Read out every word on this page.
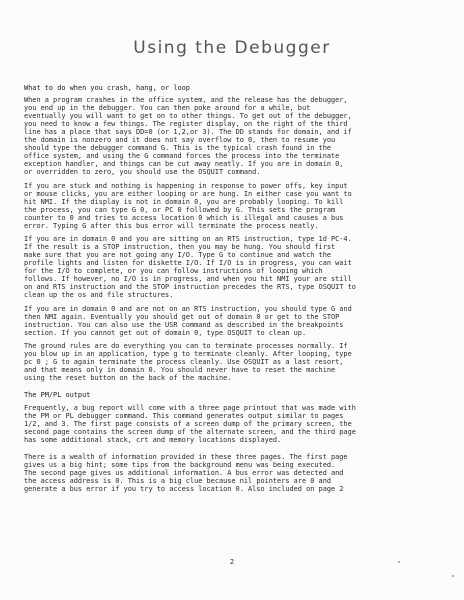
Using the Debugger
What to do when you crash, hang, or loop
When a program crashes in the office system, and the release has the debugger,
you end up in the debugger. You can then poke around for a while, but
eventually you will want to get on to other things. To get out of the debugger,
you need to know a few things. The register display, on the right of the third
line has a place that says DD=0 (or 1,2,or 3). The DD stands for domain, and if
the domain is nonzero and it does not say overflow to 0, then to resume you
should type the debugger command G. This is the typical crash found in the
office system, and using the G command forces the process into the terminate
exception handler, and things can be cut away neatly. If you are in domain 0,
or overridden to zero, you should use the OSQUIT command.
If you are stuck and nothing is happening in response to power offs, key input
or mouse clicks, you are either looping or are hung. In either case you want to
hit NMI. If the display is not in domain 0, you are probably looping. To kill
the process, you can type G 0, or PC 0 followed by G. This sets the program
counter to 0 and tries to access location 0 which is illegal and causes a bus
error. Typing G after this bus error will terminate the process neatly.
If you are in domain 0 and you are sitting on an RTS instruction, type 1d PC-4.
If the result is a STOP instruction, then you may be hung. You should first
make sure that you are not going any I/O. Type G to continue and watch the
profile lights and listen for diskette I/O. If I/O is in progress, you can wait
for the I/O to complete, or you can follow instructions of looping which
follows. If however, no I/O is in progress, and when you hit NMI your are still
on and RTS instruction and the STOP instruction precedes the RTS, type OSQUIT to
clean up the os and file structures.
If you are in domain 0 and are not on an RTS instruction, you should type G and
then NMI again. Eventually you should get out of domain 0 or get to the STOP
instruction. You can also use the USR command as described in the breakpoints
section. If you cannot get out of domain 0, type OSQUIT to clean up.
The ground rules are do everything you can to terminate processes normally. If
you blow up in an application, type g to terminate cleanly. After looping, type
pc 0 ; G to again terminate the process cleanly. Use OSQUIT as a last resort,
and that means only in domain 0. You should never have to reset the machine
using the reset button on the back of the machine.
The PM/PL output
Frequently, a bug report will come with a three page printout that was made with
the PM or PL debugger command. This command generates output similar to pages
1/2, and 3. The first page consists of a screen dump of the primary screen, the
second page contains the screen dump of the alternate screen, and the third page
has some additional stack, crt and memory locations displayed.
There is a wealth of information provided in these three pages. The first page
gives us a big hint; some tips from the background menu was being executed.
The second page gives us additional information. A bus error was detected and
the access address is 0. This is a big clue because nil pointers are 0 and
generate a bus error if you try to access location 0. Also included on page 2
2
